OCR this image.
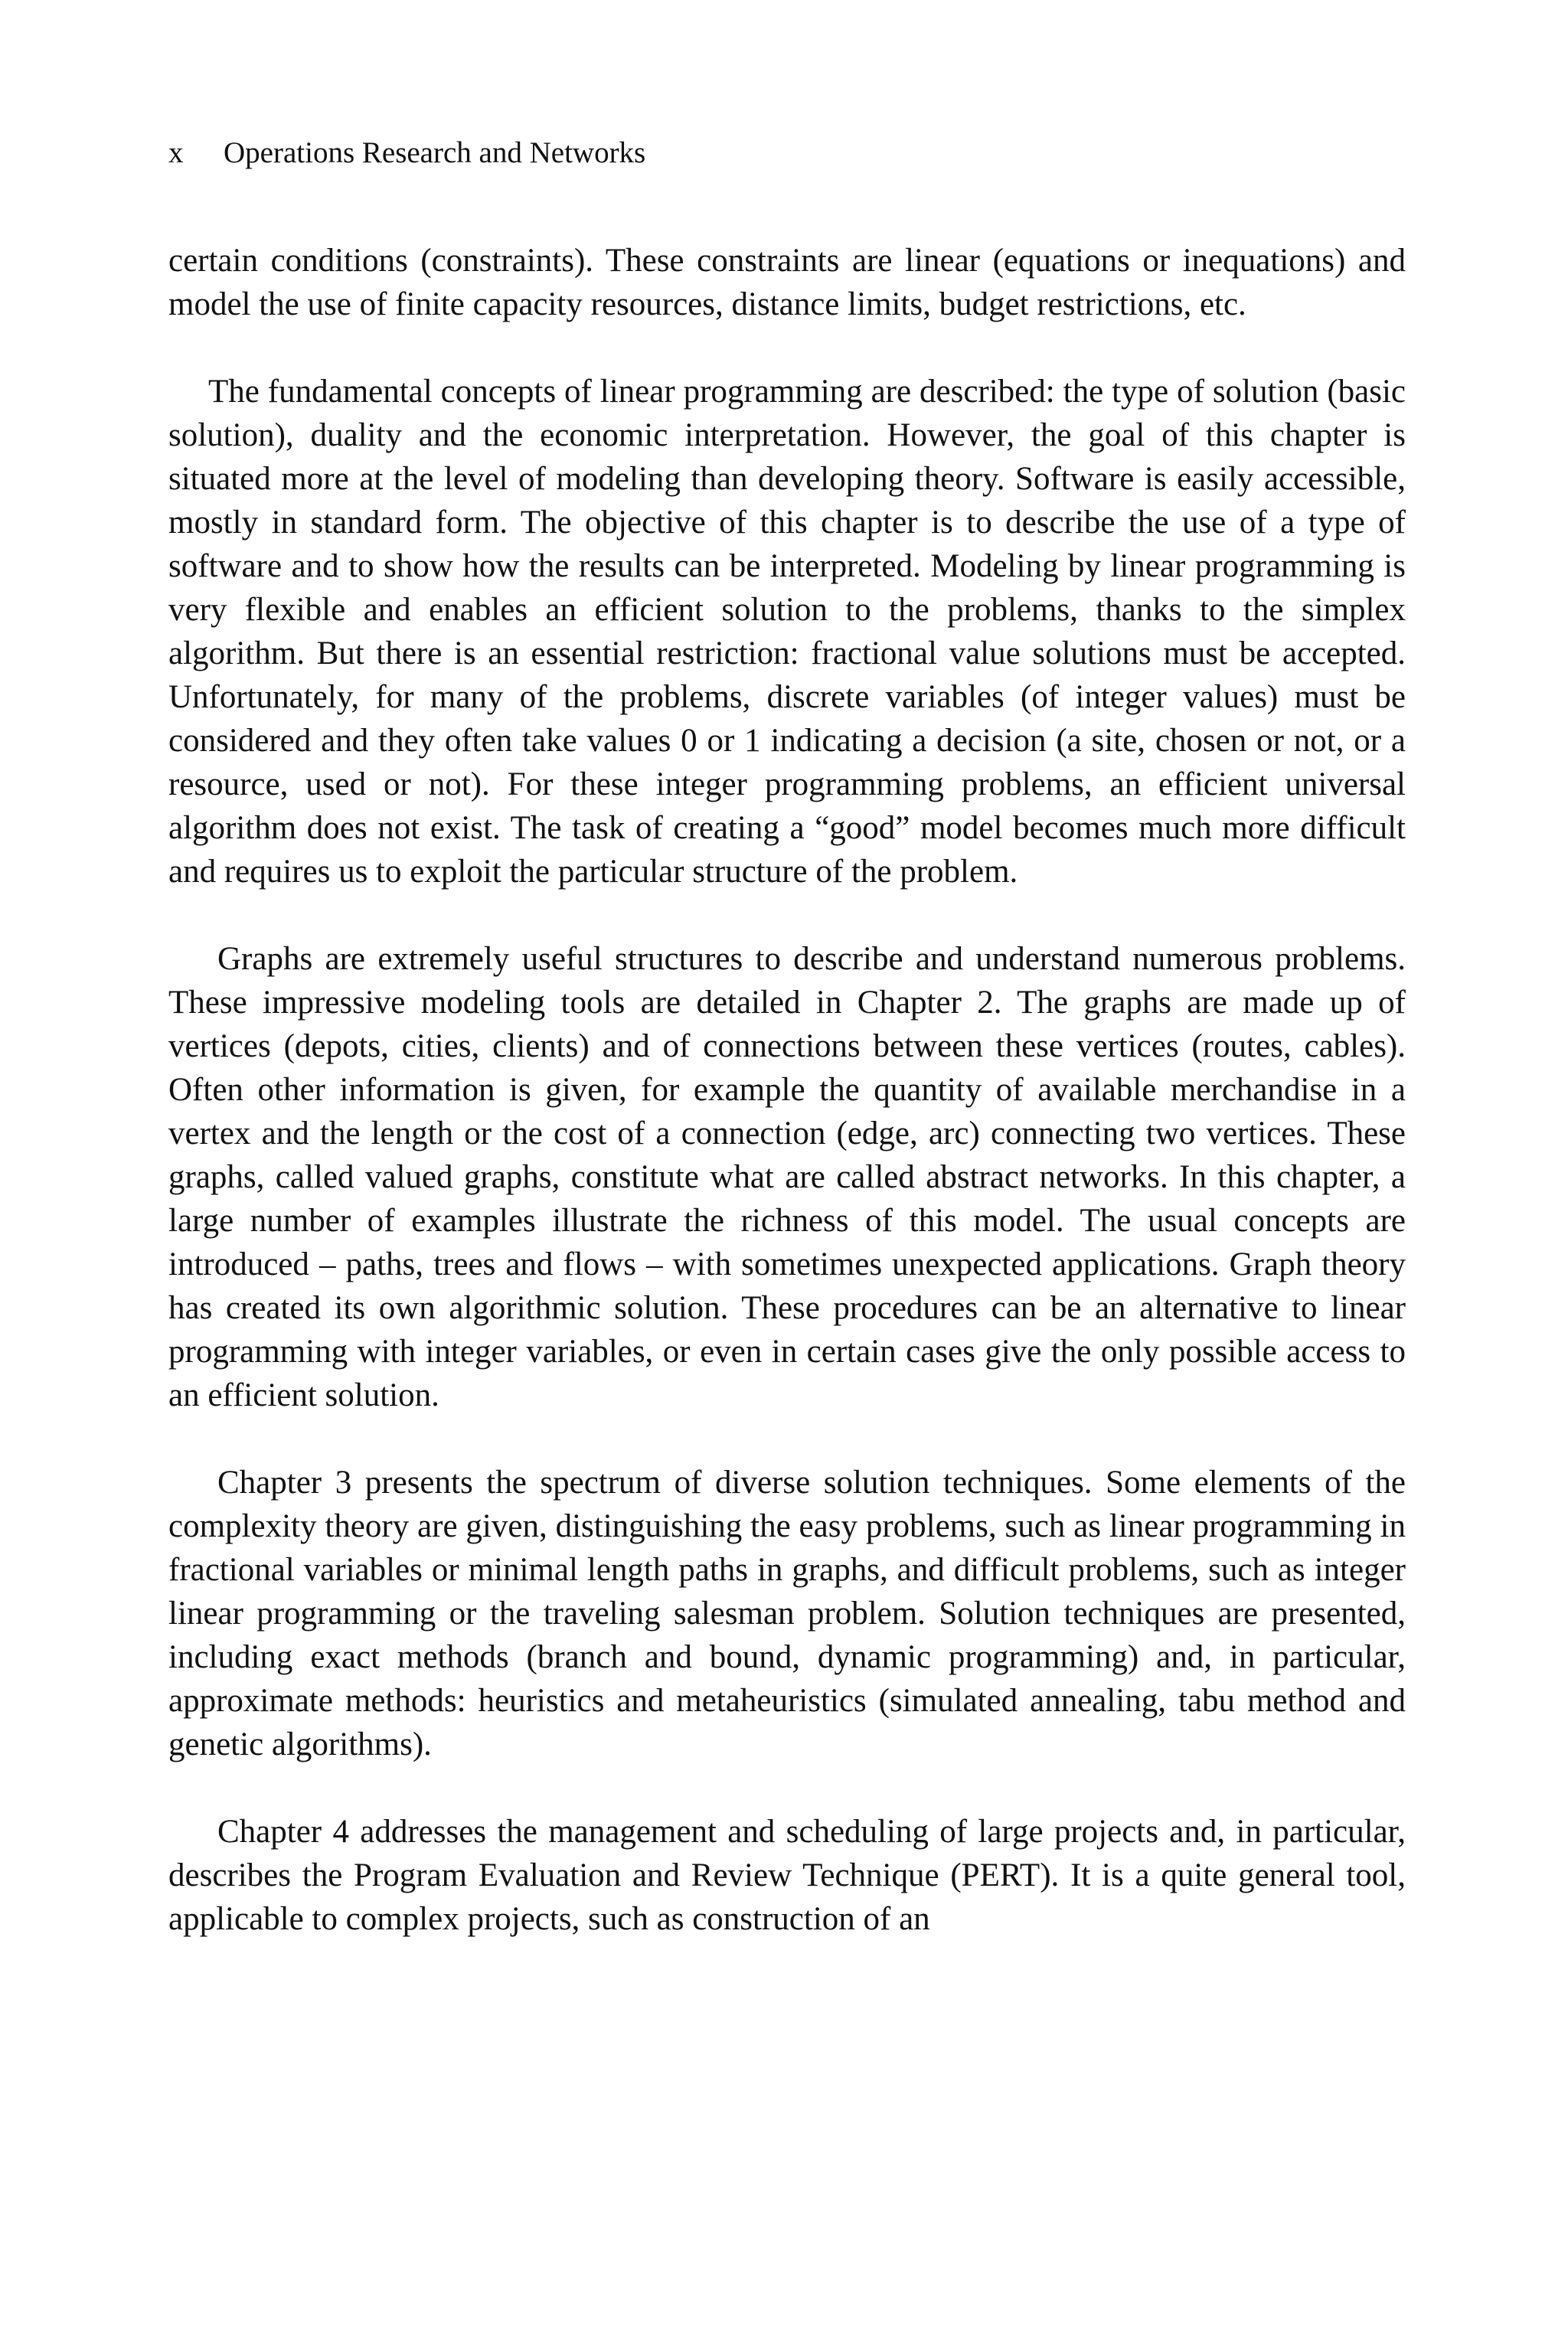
x Operations Research and Networks

certain conditions (constraints). These constraints are linear (equations or inequations) and model the use of finite capacity resources, distance limits, budget restrictions, etc.

The fundamental concepts of linear programming are described: the type of solution (basic solution), duality and the economic interpretation. However, the goal of this chapter is situated more at the level of modeling than developing theory. Software is easily accessible, mostly in standard form. The objective of this chapter is to describe the use of a type of software and to show how the results can be interpreted. Modeling by linear programming is very flexible and enables an efficient solution to the problems, thanks to the simplex algorithm. But there is an essential restriction: fractional value solutions must be accepted. Unfortunately, for many of the problems, discrete variables (of integer values) must be considered and they often take values 0 or 1 indicating a decision (a site, chosen or not, or a resource, used or not). For these integer programming problems, an efficient universal algorithm does not exist. The task of creating a “good” model becomes much more difficult and requires us to exploit the particular structure of the problem.

Graphs are extremely useful structures to describe and understand numerous problems. These impressive modeling tools are detailed in Chapter 2. The graphs are made up of vertices (depots, cities, clients) and of connections between these vertices (routes, cables). Often other information is given, for example the quantity of available merchandise in a vertex and the length or the cost of a connection (edge, arc) connecting two vertices. These graphs, called valued graphs, constitute what are called abstract networks. In this chapter, a large number of examples illustrate the richness of this model. The usual concepts are introduced – paths, trees and flows – with sometimes unexpected applications. Graph theory has created its own algorithmic solution. These procedures can be an alternative to linear programming with integer variables, or even in certain cases give the only possible access to an efficient solution.

Chapter 3 presents the spectrum of diverse solution techniques. Some elements of the complexity theory are given, distinguishing the easy problems, such as linear programming in fractional variables or minimal length paths in graphs, and difficult problems, such as integer linear programming or the traveling salesman problem. Solution techniques are presented, including exact methods (branch and bound, dynamic programming) and, in particular, approximate methods: heuristics and metaheuristics (simulated annealing, tabu method and genetic algorithms).

Chapter 4 addresses the management and scheduling of large projects and, in particular, describes the Program Evaluation and Review Technique (PERT). It is a quite general tool, applicable to complex projects, such as construction of an
